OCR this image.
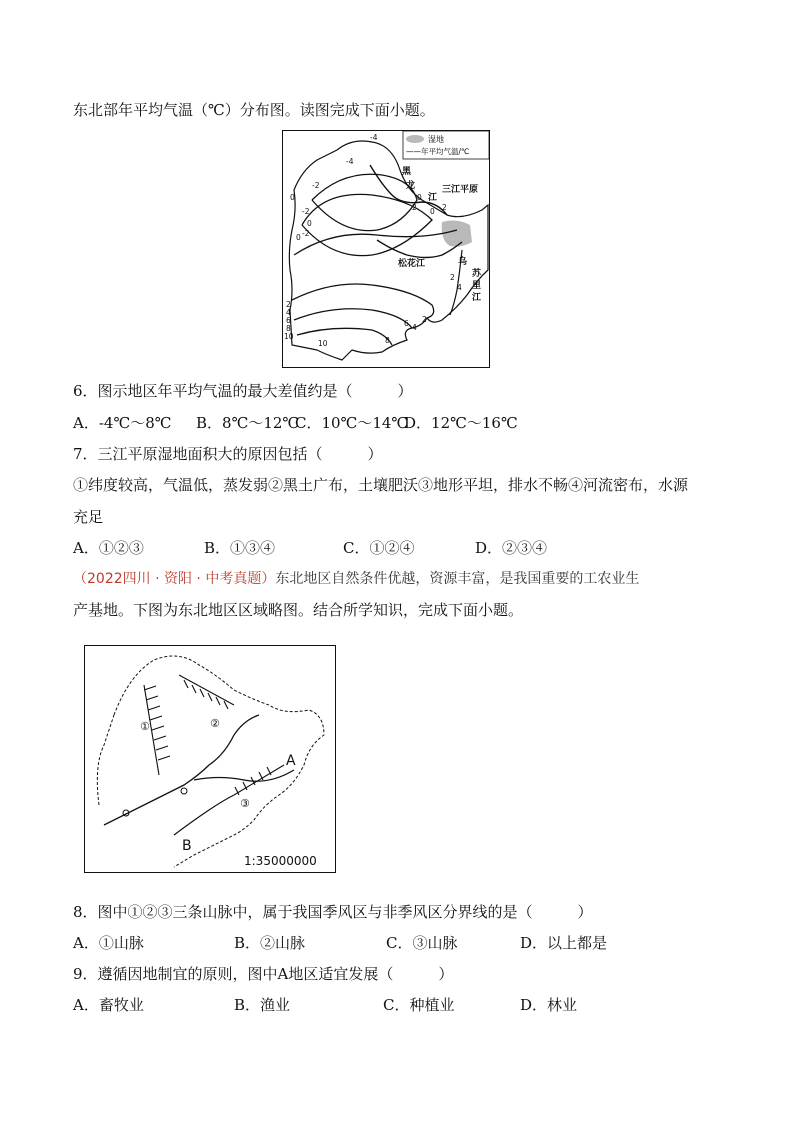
东北部年平均气温（℃）分布图。读图完成下面小题。
湿地
——年平均气温/℃
-4
-4
-2
0
-2
0
-2
0
0
2	2
0
2
4
2
4
6
8
10	8
10
6 4
2
黑
龙
江
三江平原
松花江	乌
苏
里
江
6．图示地区年平均气温的最大差值约是（　　　）
A．-4℃～8℃ B．8℃～12℃
C．10℃～14℃
D．12℃～16℃
7．三江平原湿地面积大的原因包括（　　　）
①纬度较高，气温低，蒸发弱②黑土广布，土壤肥沃③地形平坦，排水不畅④河流密布，水源
充足
A．①②③	B．①③④	C．①②④	D．②③④
（2022四川 · 资阳 · 中考真题）东北地区自然条件优越，资源丰富，是我国重要的工农业生
产基地。下图为东北地区区域略图。结合所学知识，完成下面小题。
①	②
③
A
B
1:35000000
8．图中①②③三条山脉中，属于我国季风区与非季风区分界线的是（　　　）
A．①山脉	B．②山脉	C．③山脉	D．以上都是
9．遵循因地制宜的原则，图中A地区适宜发展（　　　）
A．畜牧业	B．渔业	C．种植业	D．林业
